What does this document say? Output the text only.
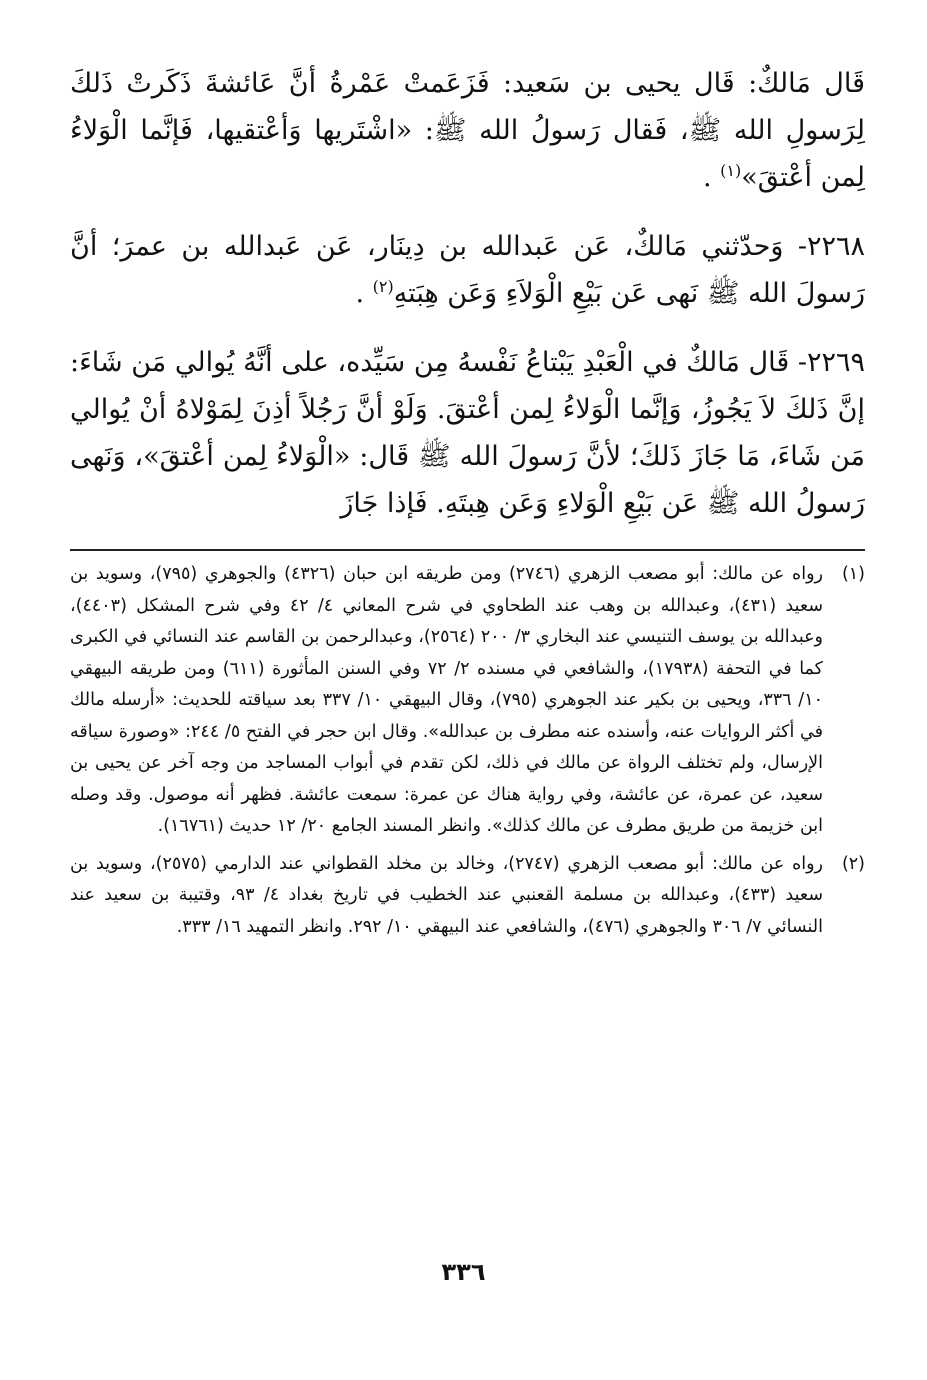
قَال مَالكٌ: قَال يحيى بن سَعيد: فَزَعَمتْ عَمْرةُ أنَّ عَائشةَ ذَكَرتْ ذَلكَ لِرَسولِ الله ﷺ، فَقال رَسولُ الله ﷺ: «اشْتَريها وَأعْتقيها، فَإنَّما الْوَلاءُ لِمن أعْتقَ»$^{(١)}$ .

٢٢٦٨- وَحدّثني مَالكٌ، عَن عَبدالله بن دِينَار، عَن عَبدالله بن عمرَ؛ أنَّ رَسولَ الله ﷺ نَهى عَن بَيْعِ الْوَلاَءِ وَعَن هِبَتهِ$^{(٢)}$ .

٢٢٦٩- قَال مَالكٌ في الْعَبْدِ يَبْتاعُ نَفْسهُ مِن سَيِّده، على أنَّهُ يُوالي مَن شَاءَ: إنَّ ذَلكَ لاَ يَجُوزُ، وَإنَّما الْوَلاءُ لِمن أعْتقَ. وَلَوْ أنَّ رَجُلاً أذِنَ لِمَوْلاهُ أنْ يُوالي مَن شَاءَ، مَا جَازَ ذَلكَ؛ لأنَّ رَسولَ الله ﷺ قَال: «الْوَلاءُ لِمن أعْتقَ»، وَنَهى رَسولُ الله ﷺ عَن بَيْعِ الْوَلاءِ وَعَن هِبتَهِ. فَإذا جَازَ

(١)
رواه عن مالك: أبو مصعب الزهري (٢٧٤٦) ومن طريقه ابن حبان (٤٣٢٦) والجوهري (٧٩٥)، وسويد بن سعيد (٤٣١)، وعبدالله بن وهب عند الطحاوي في شرح المعاني ٤/ ٤٢ وفي شرح المشكل (٤٤٠٣)، وعبدالله بن يوسف التنيسي عند البخاري ٣/ ٢٠٠ (٢٥٦٤)، وعبدالرحمن بن القاسم عند النسائي في الكبرى كما في التحفة (١٧٩٣٨)، والشافعي في مسنده ٢/ ٧٢ وفي السنن المأثورة (٦١١) ومن طريقه البيهقي ١٠/ ٣٣٦، ويحيى بن بكير عند الجوهري (٧٩٥)، وقال البيهقي ١٠/ ٣٣٧ بعد سياقته للحديث: «أرسله مالك في أكثر الروايات عنه، وأسنده عنه مطرف بن عبدالله». وقال ابن حجر في الفتح ٥/ ٢٤٤: «وصورة سياقه الإرسال، ولم تختلف الرواة عن مالك في ذلك، لكن تقدم في أبواب المساجد من وجه آخر عن يحيى بن سعيد، عن عمرة، عن عائشة، وفي رواية هناك عن عمرة: سمعت عائشة. فظهر أنه موصول. وقد وصله ابن خزيمة من طريق مطرف عن مالك كذلك». وانظر المسند الجامع ٢٠/ ١٢ حديث (١٦٧٦١).
(٢)
رواه عن مالك: أبو مصعب الزهري (٢٧٤٧)، وخالد بن مخلد القطواني عند الدارمي (٢٥٧٥)، وسويد بن سعيد (٤٣٣)، وعبدالله بن مسلمة القعنبي عند الخطيب في تاريخ بغداد ٤/ ٩٣، وقتيبة بن سعيد عند النسائي ٧/ ٣٠٦ والجوهري (٤٧٦)، والشافعي عند البيهقي ١٠/ ٢٩٢. وانظر التمهيد ١٦/ ٣٣٣.
٣٣٦
